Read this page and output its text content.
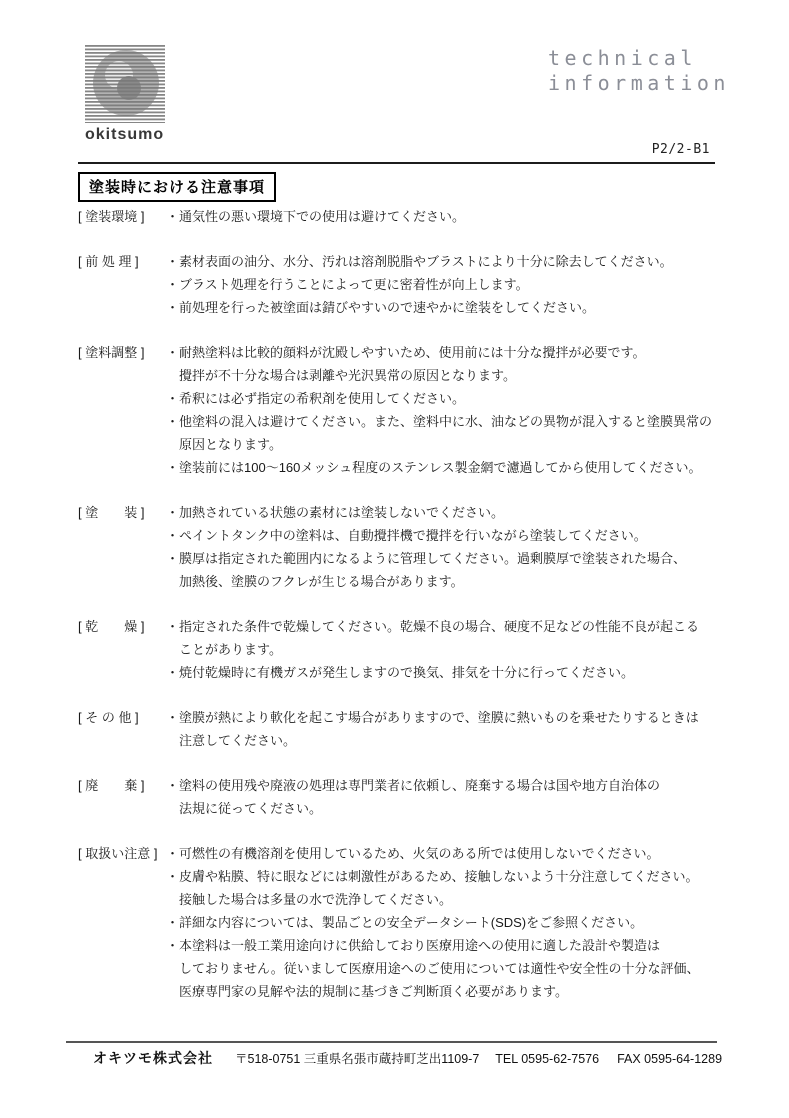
okitsumo
technical
information
P2/2-B1
塗装時における注意事項
[ 塗装環境 ]	・通気性の悪い環境下での使用は避けてください。
[ 前 処 理 ]	・素材表面の油分、水分、汚れは溶剤脱脂やブラストにより十分に除去してください。
・ブラスト処理を行うことによって更に密着性が向上します。
・前処理を行った被塗面は錆びやすいので速やかに塗装をしてください。
[ 塗料調整 ]	・耐熱塗料は比較的顔料が沈殿しやすいため、使用前には十分な攪拌が必要です。
攪拌が不十分な場合は剥離や光沢異常の原因となります。
・希釈には必ず指定の希釈剤を使用してください。
・他塗料の混入は避けてください。また、塗料中に水、油などの異物が混入すると塗膜異常の
原因となります。
・塗装前には100～160メッシュ程度のステンレス製金網で濾過してから使用してください。
[ 塗　　装 ]	・加熱されている状態の素材には塗装しないでください。
・ペイントタンク中の塗料は、自動攪拌機で攪拌を行いながら塗装してください。
・膜厚は指定された範囲内になるように管理してください。過剰膜厚で塗装された場合、
加熱後、塗膜のフクレが生じる場合があります。
[ 乾　　燥 ]	・指定された条件で乾燥してください。乾燥不良の場合、硬度不足などの性能不良が起こる
ことがあります。
・焼付乾燥時に有機ガスが発生しますので換気、排気を十分に行ってください。
[ そ の 他 ]	・塗膜が熱により軟化を起こす場合がありますので、塗膜に熱いものを乗せたりするときは
注意してください。
[ 廃　　棄 ]	・塗料の使用残や廃液の処理は専門業者に依頼し、廃棄する場合は国や地方自治体の
法規に従ってください。
[ 取扱い注意 ] ・可燃性の有機溶剤を使用しているため、火気のある所では使用しないでください。
・皮膚や粘膜、特に眼などには刺激性があるため、接触しないよう十分注意してください。
接触した場合は多量の水で洗浄してください。
・詳細な内容については、製品ごとの安全データシート(SDS)をご参照ください。
・本塗料は一般工業用途向けに供給しており医療用途への使用に適した設計や製造は
しておりません。従いまして医療用途へのご使用については適性や安全性の十分な評価、
医療専門家の見解や法的規制に基づきご判断頂く必要があります。
オキツモ株式会社 〒518-0751 三重県名張市蔵持町芝出1109-7 TEL 0595-62-7576 FAX 0595-64-1289
